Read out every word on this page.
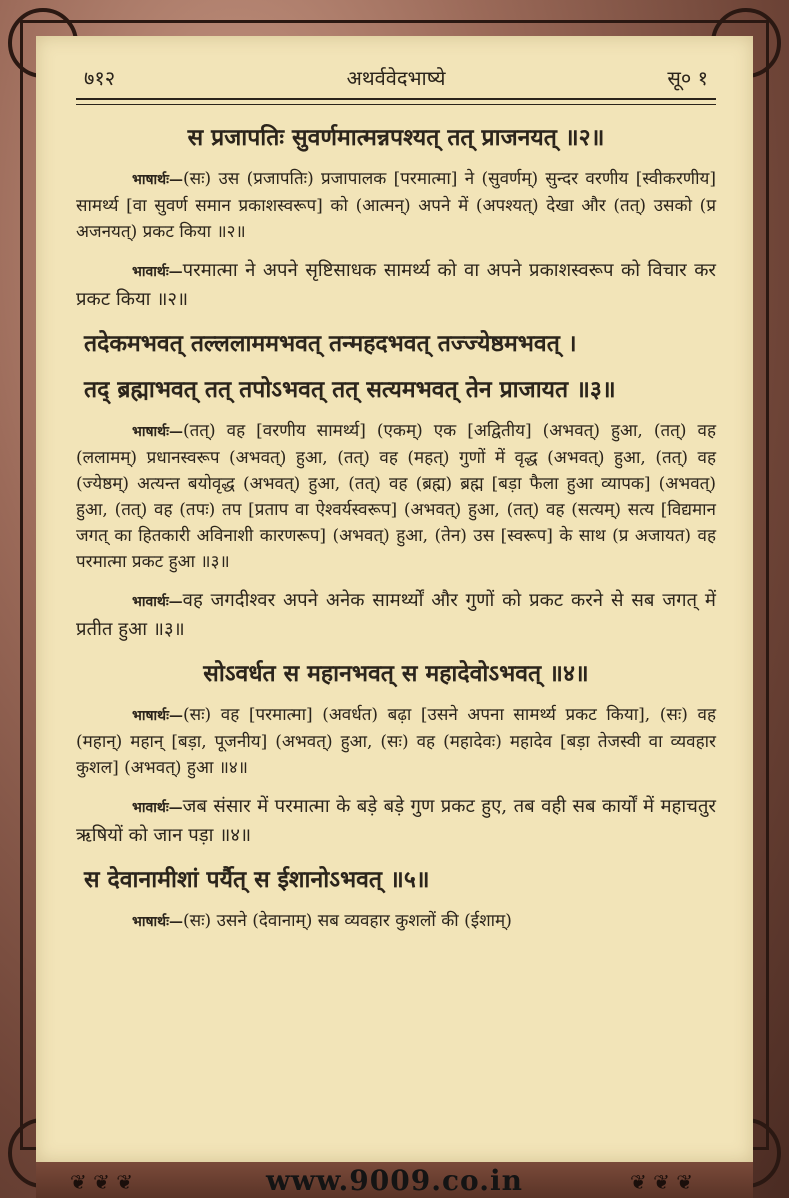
७१२	अथर्ववेदभाष्ये	सू० १
स प्रजापतिः सुवर्णमात्मन्नपश्यत् तत् प्राजनयत् ॥२॥
भाषार्थः—(सः) उस (प्रजापतिः) प्रजापालक [परमात्मा] ने (सुवर्णम्) सुन्दर वरणीय [स्वीकरणीय] सामर्थ्य [वा सुवर्ण समान प्रकाशस्वरूप] को (आत्मन्) अपने में (अपश्यत्) देखा और (तत्) उसको (प्र अजनयत्) प्रकट किया ॥२॥
भावार्थः—परमात्मा ने अपने सृष्टिसाधक सामर्थ्य को वा अपने प्रकाशस्वरूप को विचार कर प्रकट किया ॥२॥
तदेकमभवत् तल्ललाममभवत् तन्महदभवत् तज्ज्येष्ठमभवत् ।
तद् ब्रह्माभवत् तत् तपोऽभवत् तत् सत्यमभवत् तेन प्राजायत ॥३॥
भाषार्थः—(तत्) वह [वरणीय सामर्थ्य] (एकम्) एक [अद्वितीय] (अभवत्) हुआ, (तत्) वह (ललामम्) प्रधानस्वरूप (अभवत्) हुआ, (तत्) वह (महत्) गुणों में वृद्ध (अभवत्) हुआ, (तत्) वह (ज्येष्ठम्) अत्यन्त बयोवृद्ध (अभवत्) हुआ, (तत्) वह (ब्रह्म) ब्रह्म [बड़ा फैला हुआ व्यापक] (अभवत्) हुआ, (तत्) वह (तपः) तप [प्रताप वा ऐश्वर्यस्वरूप] (अभवत्) हुआ, (तत्) वह (सत्यम्) सत्य [विद्यमान जगत् का हितकारी अविनाशी कारणरूप] (अभवत्) हुआ, (तेन) उस [स्वरूप] के साथ (प्र अजायत) वह परमात्मा प्रकट हुआ ॥३॥
भावार्थः—वह जगदीश्वर अपने अनेक सामर्थ्यों और गुणों को प्रकट करने से सब जगत् में प्रतीत हुआ ॥३॥
सोऽवर्धत स महानभवत् स महादेवोऽभवत् ॥४॥
भाषार्थः—(सः) वह [परमात्मा] (अवर्धत) बढ़ा [उसने अपना सामर्थ्य प्रकट किया], (सः) वह (महान्) महान् [बड़ा, पूजनीय] (अभवत्) हुआ, (सः) वह (महादेवः) महादेव [बड़ा तेजस्वी वा व्यवहार कुशल] (अभवत्) हुआ ॥४॥
भावार्थः—जब संसार में परमात्मा के बड़े बड़े गुण प्रकट हुए, तब वही सब कार्यों में महाचतुर ऋषियों को जान पड़ा ॥४॥
स देवानामीशां पर्यैत् स ईशानोऽभवत् ॥५॥
भाषार्थः—(सः) उसने (देवानाम्) सब व्यवहार कुशलों की (ईशाम्)
❦ ❦ ❦	www.9009.co.in	❦ ❦ ❦
